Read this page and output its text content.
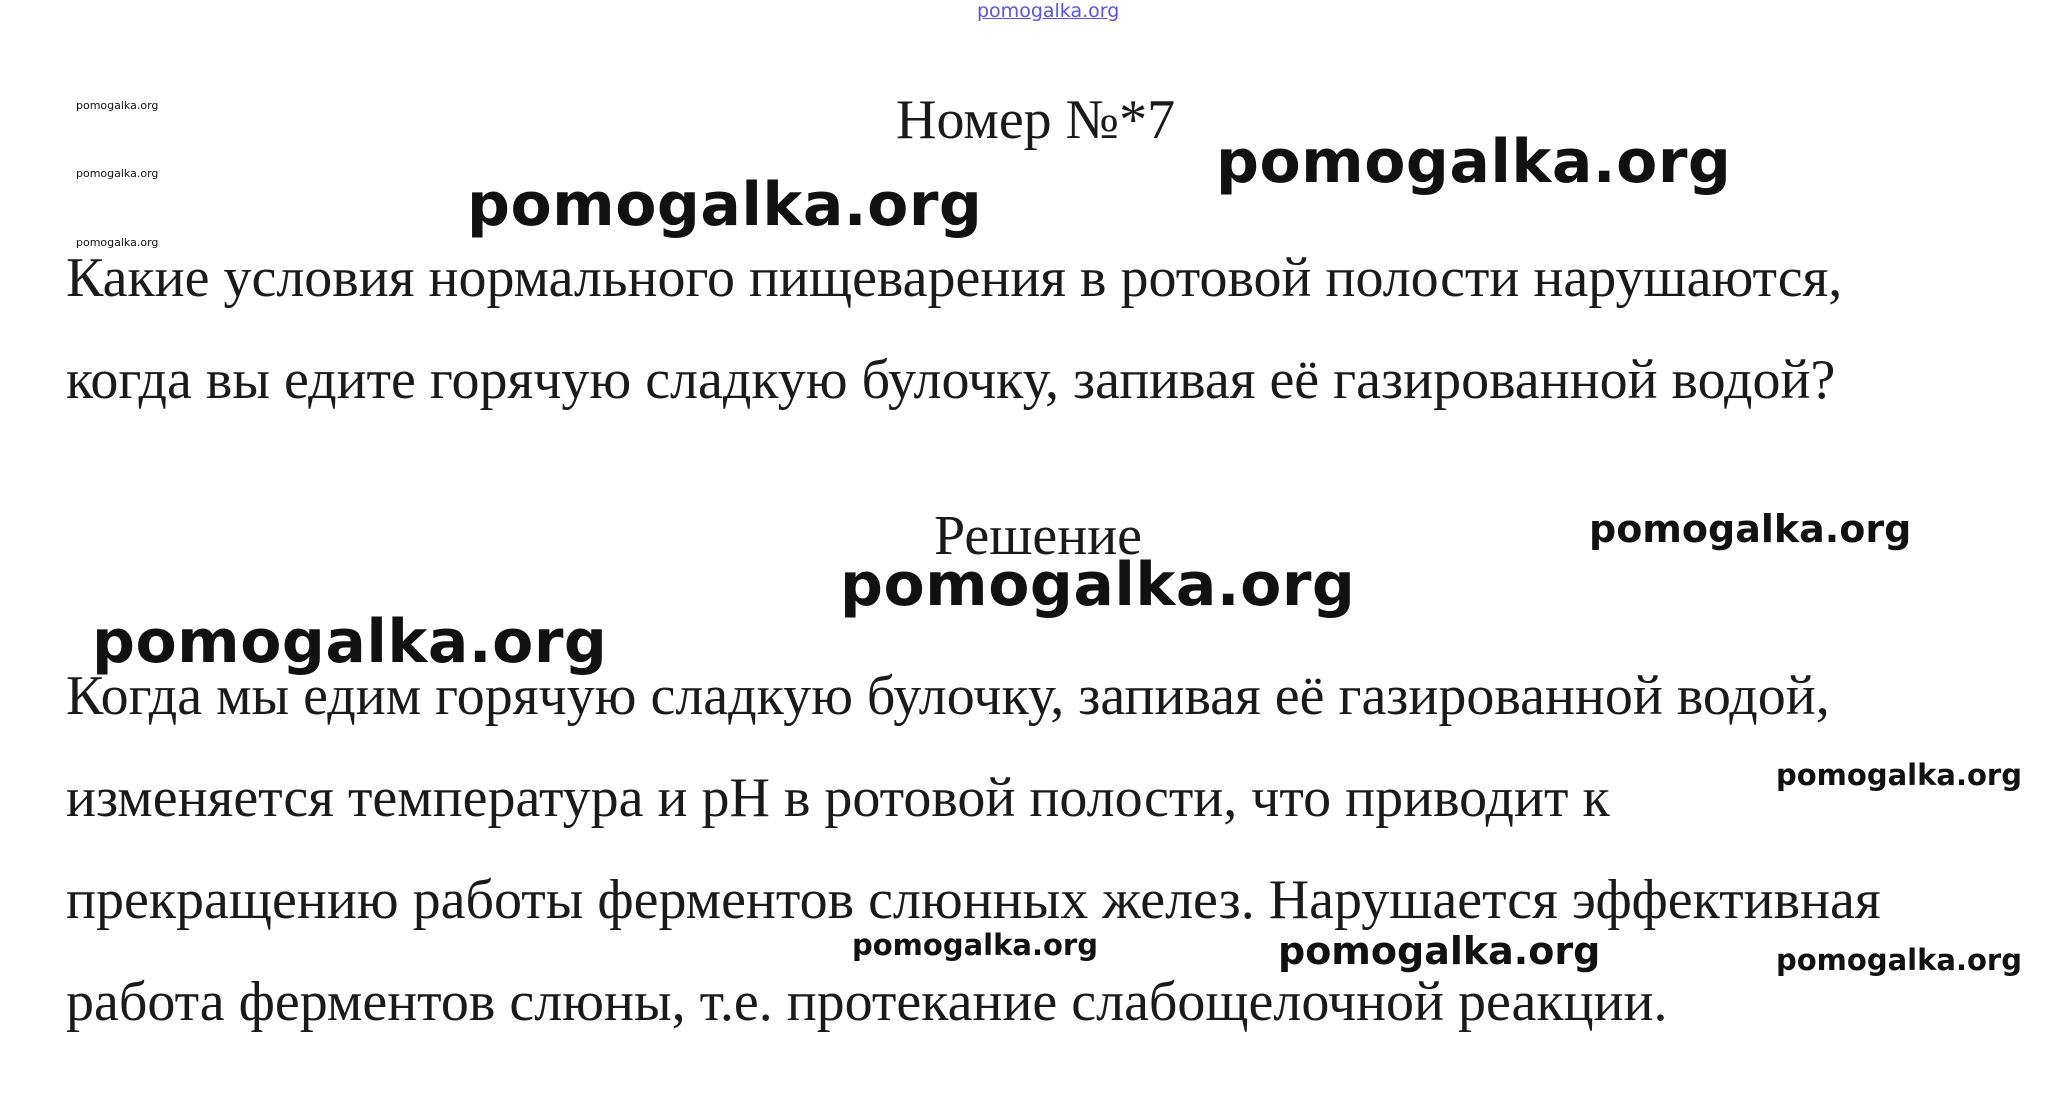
pomogalka.org
pomogalka.org
pomogalka.org
pomogalka.org
Номер №*7
pomogalka.org
pomogalka.org
Какие условия нормального пищеварения в ротовой полости нарушаются,
когда вы едите горячую сладкую булочку, запивая её газированной водой?
Решение	pomogalka.org
pomogalka.org
pomogalka.org
Когда мы едим горячую сладкую булочку, запивая её газированной водой,
изменяется температура и pH в ротовой полости, что приводит к
прекращению работы ферментов слюнных желез. Нарушается эффективная
работа ферментов слюны, т.е. протекание слабощелочной реакции.
pomogalka.org
pomogalka.org	pomogalka.org	pomogalka.org
